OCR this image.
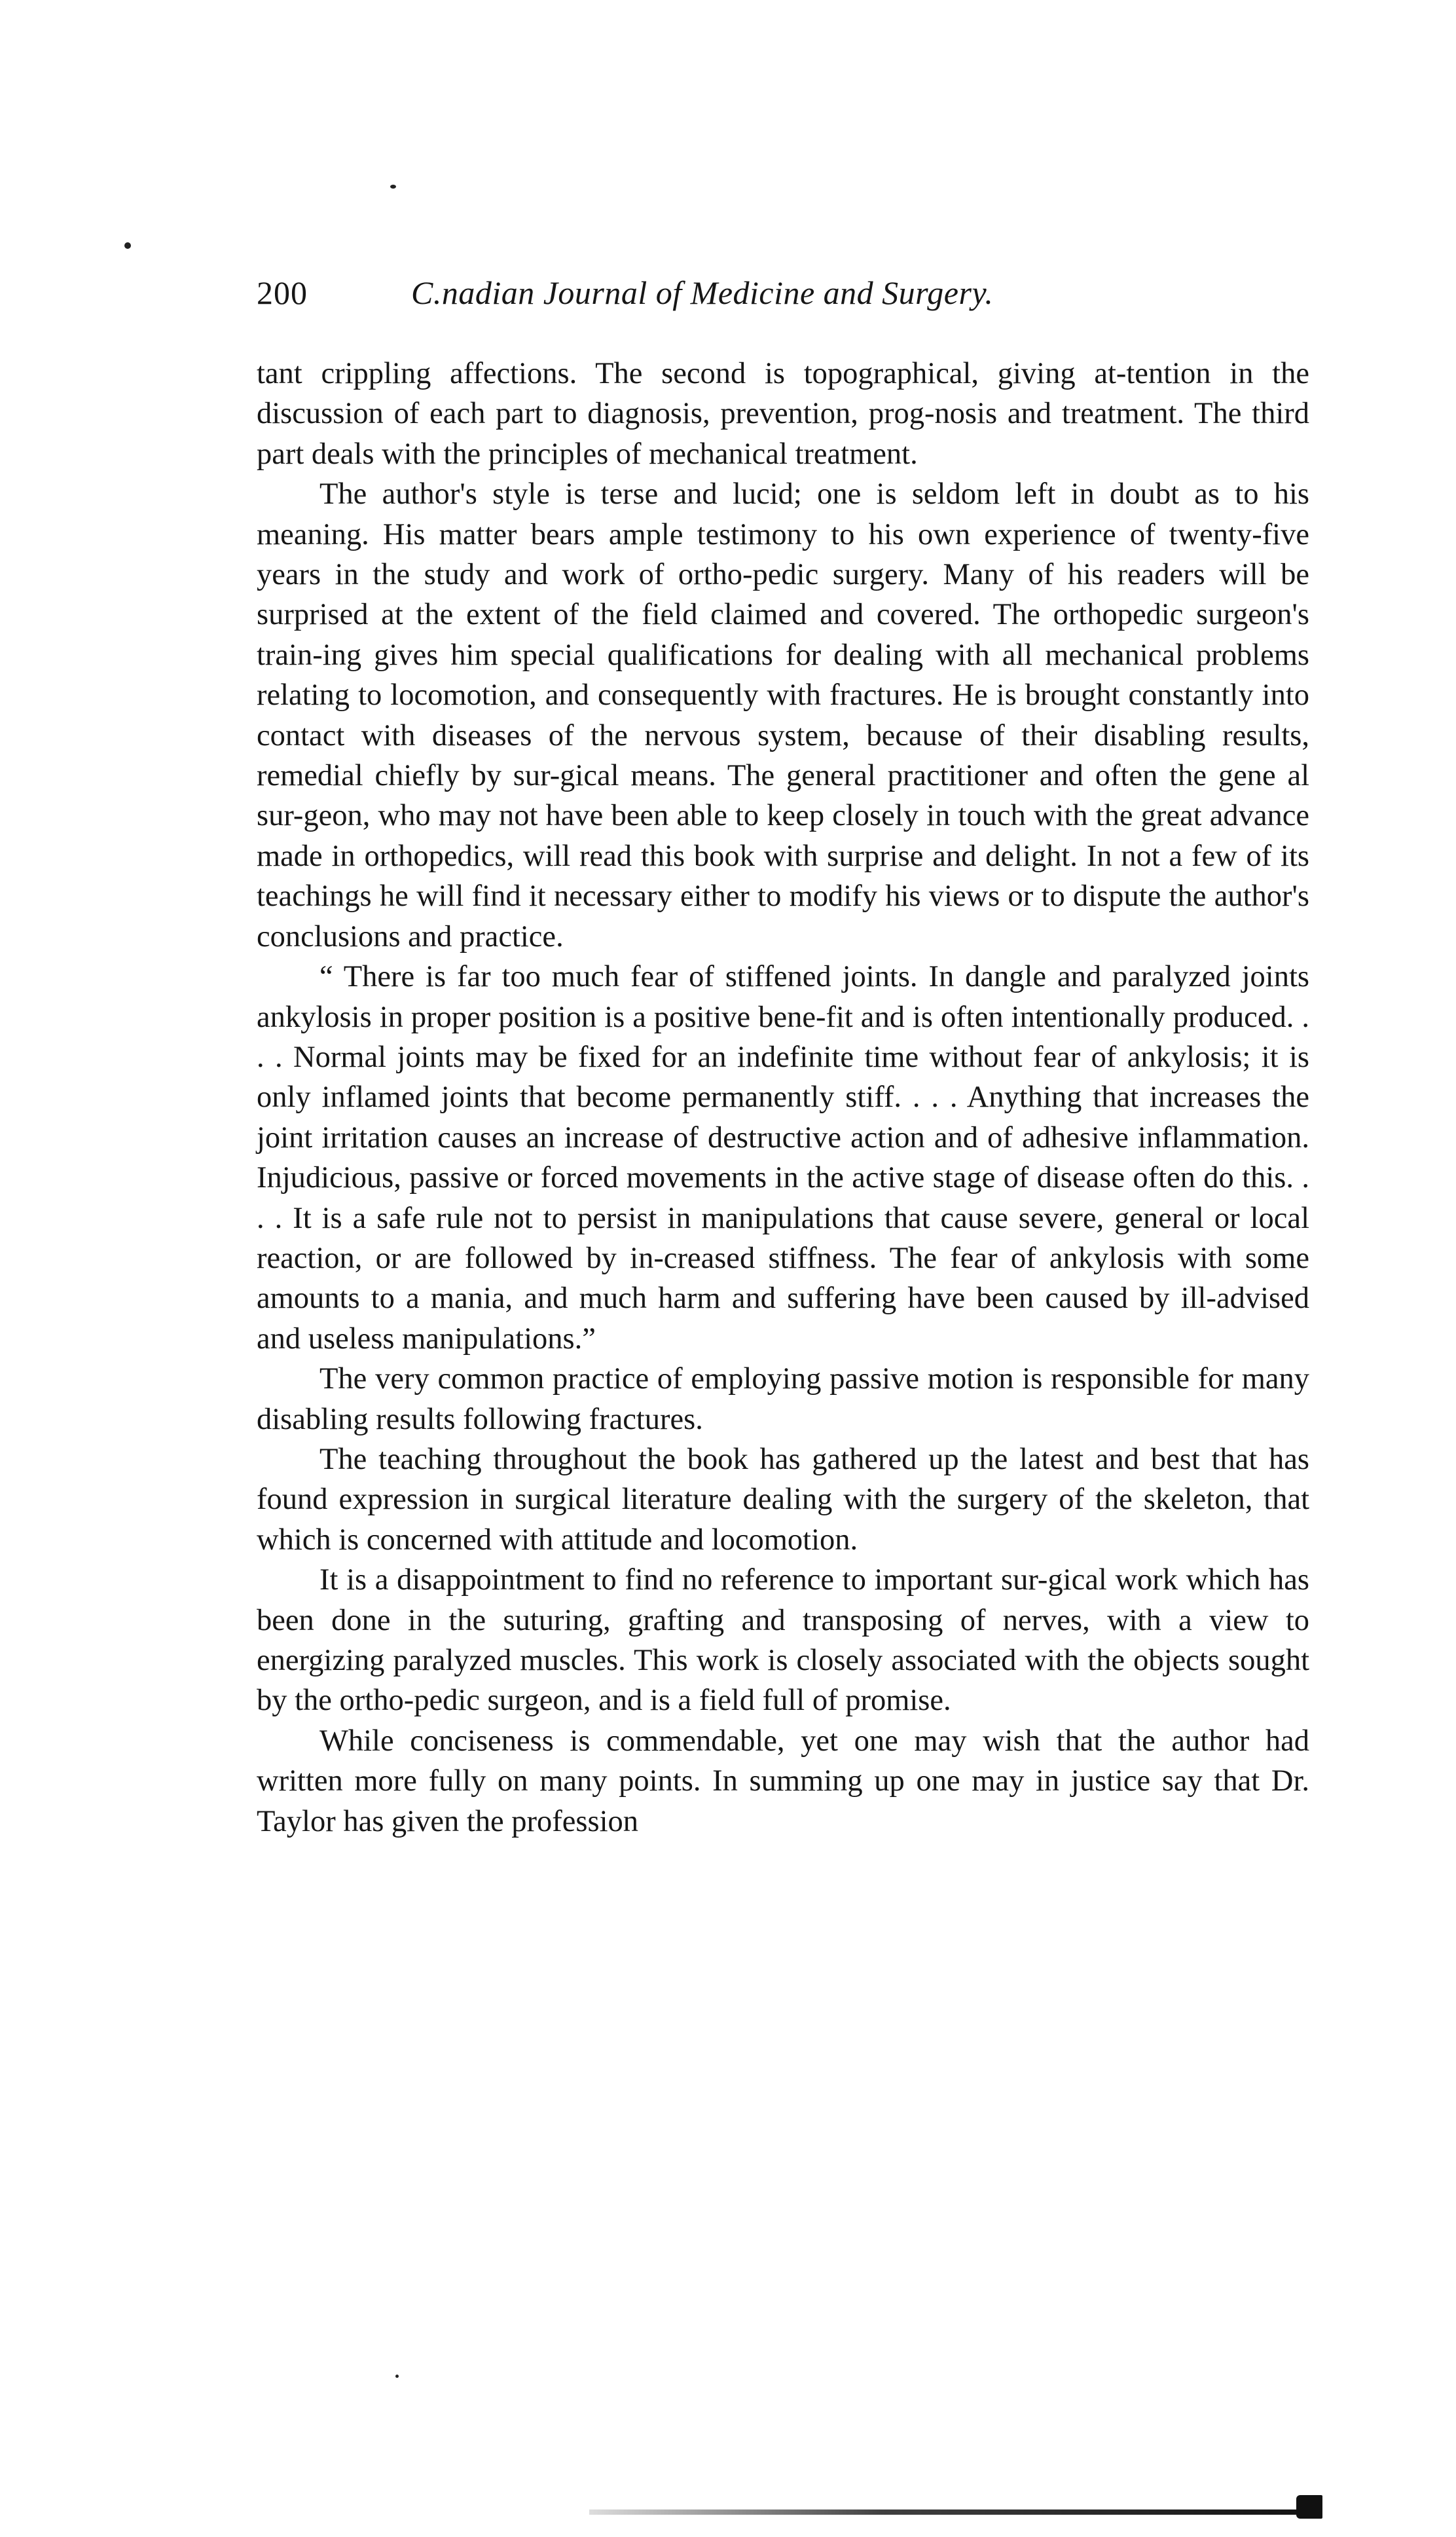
200	C.nadian Journal of Medicine and Surgery.

tant crippling affections. The second is topographical, giving at-tention in the discussion of each part to diagnosis, prevention, prog-nosis and treatment. The third part deals with the principles of mechanical treatment.

The author's style is terse and lucid; one is seldom left in doubt as to his meaning. His matter bears ample testimony to his own experience of twenty-five years in the study and work of ortho-pedic surgery. Many of his readers will be surprised at the extent of the field claimed and covered. The orthopedic surgeon's train-ing gives him special qualifications for dealing with all mechanical problems relating to locomotion, and consequently with fractures. He is brought constantly into contact with diseases of the nervous system, because of their disabling results, remedial chiefly by sur-gical means. The general practitioner and often the gene al sur-geon, who may not have been able to keep closely in touch with the great advance made in orthopedics, will read this book with surprise and delight. In not a few of its teachings he will find it necessary either to modify his views or to dispute the author's conclusions and practice.

“ There is far too much fear of stiffened joints. In dangle and paralyzed joints ankylosis in proper position is a positive bene-fit and is often intentionally produced. . . . Normal joints may be fixed for an indefinite time without fear of ankylosis; it is only inflamed joints that become permanently stiff. . . . Anything that increases the joint irritation causes an increase of destructive action and of adhesive inflammation. Injudicious, passive or forced movements in the active stage of disease often do this. . . . It is a safe rule not to persist in manipulations that cause severe, general or local reaction, or are followed by in-creased stiffness. The fear of ankylosis with some amounts to a mania, and much harm and suffering have been caused by ill-advised and useless manipulations.”

The very common practice of employing passive motion is responsible for many disabling results following fractures.

The teaching throughout the book has gathered up the latest and best that has found expression in surgical literature dealing with the surgery of the skeleton, that which is concerned with attitude and locomotion.

It is a disappointment to find no reference to important sur-gical work which has been done in the suturing, grafting and transposing of nerves, with a view to energizing paralyzed muscles. This work is closely associated with the objects sought by the ortho-pedic surgeon, and is a field full of promise.

While conciseness is commendable, yet one may wish that the author had written more fully on many points. In summing up one may in justice say that Dr. Taylor has given the profession
